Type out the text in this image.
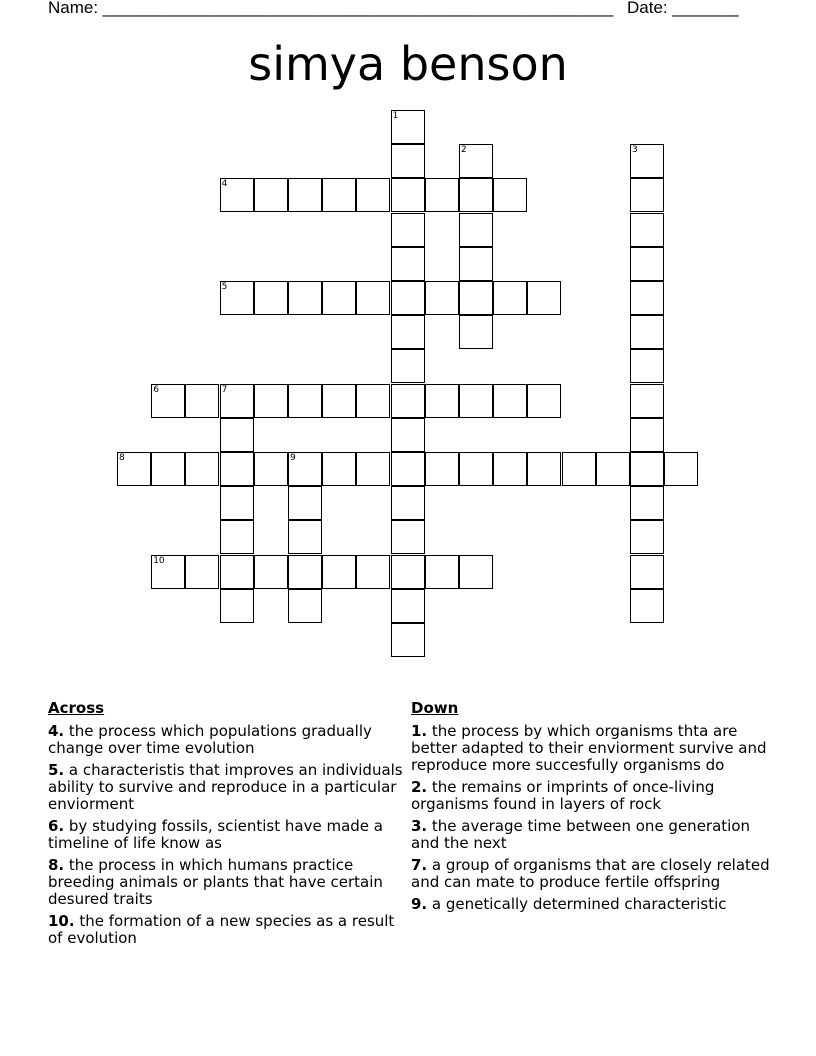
Name: ______________________________________________________ Date: _______
simya benson
1
2	3
4
5
6	7
8	9
10
Across
4. the process which populations gradually change over time evolution
5. a characteristis that improves an individuals ability to survive and reproduce in a particular enviorment
6. by studying fossils, scientist have made a timeline of life know as
8. the process in which humans practice breeding animals or plants that have certain desured traits
10. the formation of a new species as a result of evolution
Down
1. the process by which organisms thta are better adapted to their enviorment survive and reproduce more succesfully organisms do
2. the remains or imprints of once-living organisms found in layers of rock
3. the average time between one generation and the next
7. a group of organisms that are closely related and can mate to produce fertile offspring
9. a genetically determined characteristic
